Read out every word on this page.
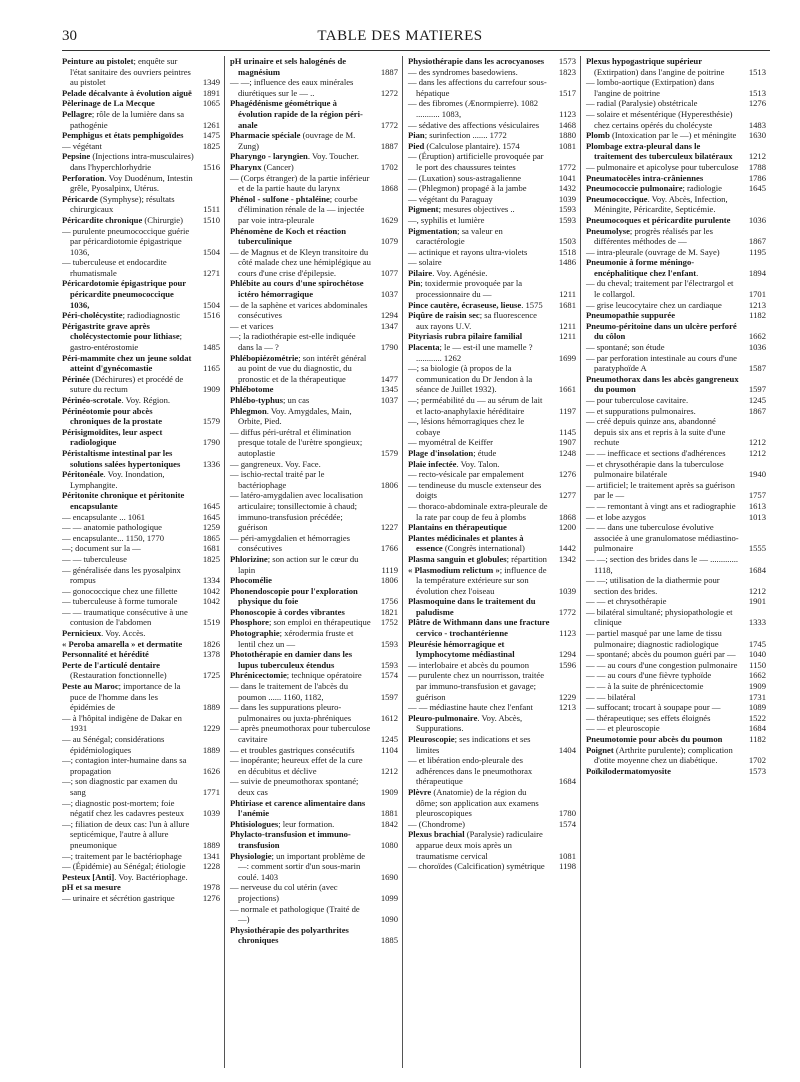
30	TABLE DES MATIERES
Peinture au pistolet; enquête sur l'état sanitaire des ouvriers peintres au pistolet	1349
Pelade décalvante à évolution aiguë	1891
Pèlerinage de La Mecque	1065
Pellagre; rôle de la lumière dans sa pathogénie	1261
Pemphigus et états pemphigoïdes	1475
— végétant	1825
Pepsine (Injections intra-musculaires) dans l'hyperchlorhydrie	1516
Perforation. Voy Duodénum, Intestin grêle, Pyosalpinx, Utérus.
Péricarde (Symphyse); résultats chirurgicaux	1511
Péricardite chronique (Chirurgie)	1510
— purulente pneumococcique guérie par péricardiotomie épigastrique 1036,	1504
— tuberculeuse et endocardite rhumatismale	1271
Péricardotomie épigastrique pour péricardite pneumococcique 1036,	1504
Péri-cholécystite; radiodiagnostic	1516
Périgastrite grave après cholécystectomie pour lithiase; gastro-entérostomie	1485
Péri-mammite chez un jeune soldat atteint d'gynécomastie	1165
Périnée (Déchirures) et procédé de suture du rectum	1909
Périnéo-scrotale. Voy. Région.
Périnéotomie pour abcès chroniques de la prostate	1579
Périsigmoïdites, leur aspect radiologique	1790
Péristaltisme intestinal par les solutions salées hypertoniques	1336
Péritonéale. Voy. Inondation, Lymphangite.
Péritonite chronique et péritonite encapsulante	1645
— encapsulante ... 1061	1645
— — anatomie pathologique	1259
— encapsulante... 1150, 1770	1865
—; document sur la —	1681
— — tuberculeuse	1825
— généralisée dans les pyosalpinx rompus	1334
— gonococcique chez une fillette	1042
— tuberculeuse à forme tumorale	1042
— — traumatique consécutive à une contusion de l'abdomen	1519
Pernicieux. Voy. Accès.
« Peroba amarella » et dermatite	1826
Personnalité et hérédité	1378
Perte de l'articulé dentaire (Restauration fonctionnelle)	1725
Peste au Maroc; importance de la puce de l'homme dans les épidémies de	1889
— à l'hôpital indigène de Dakar en 1931	1229
— au Sénégal; considérations épidémiologiques	1889
—; contagion inter-humaine dans sa propagation	1626
—; son diagnostic par examen du sang	1771
—; diagnostic post-mortem; foie négatif chez les cadavres pesteux	1039
—; filiation de deux cas: l'un à allure septicémique, l'autre à allure pneumonique	1889
—; traitement par le bactériophage	1341
— (Épidémie) au Sénégal; étiologie	1228
Pesteux [Anti]. Voy. Bactériophage.
pH et sa mesure	1978
— urinaire et sécrétion gastrique	1276
pH urinaire et sels halogénés de magnésium	1887
— —; influence des eaux minérales diurétiques sur le — ..	1272
Phagédénisme géométrique à évolution rapide de la région péri-anale	1772
Pharmacie spéciale (ouvrage de M. Zung)	1887
Pharyngo - laryngien. Voy. Toucher.
Pharynx (Cancer)	1702
— (Corps étranger) de la partie inférieur et de la partie haute du larynx	1868
Phénol - sulfone - phtaléine; courbe d'élimination rénale de la — injectée par voie intra-pleurale	1629
Phénomène de Koch et réaction tuberculinique	1079
— de Magnus et de Kleyn transitoire du côté malade chez une hémiplégique au cours d'une crise d'épilepsie.	1077
Phlébite au cours d'une spirochétose ictéro hémorragique	1037
— de la saphène et varices abdominales consécutives	1294
— et varices	1347
—; la radiothérapie est-elle indiquée dans la — ?	1790
Phlébopiézométrie; son intérêt général au point de vue du diagnostic, du pronostic et de la thérapeutique	1477
Phlébotome	1345
Phlébo-typhus; un cas	1037
Phlegmon. Voy. Amygdales, Main, Orbite, Pied.
— diffus péri-urétral et élimination presque totale de l'urètre spongieux; autoplastie	1579
— gangreneux. Voy. Face.
— ischio-rectal traité par le bactériophage	1806
— latéro-amygdalien avec localisation articulaire; tonsillectomie à chaud; immuno-transfusion précédée; guérison	1227
— péri-amygdalien et hémorragies consécutives	1766
Phlorizine; son action sur le cœur du lapin	1119
Phocomélie	1806
Phonendoscopie pour l'exploration physique du foie	1756
Phonoscopie à cordes vibrantes	1821
Phosphore; son emploi en thérapeutique	1752
Photographie; xérodermia fruste et lentil chez un —	1593
Photothérapie en damier dans les lupus tuberculeux étendus	1593
Phrénicectomie; technique opératoire	1574
— dans le traitement de l'abcès du poumon ...... 1160, 1182,	1597
— dans les suppurations pleuro-pulmonaires ou juxta-phréniques	1612
— après pneumothorax pour tuberculose cavitaire	1245
— et troubles gastriques consécutifs	1104
— inopérante; heureux effet de la cure en décubitus et déclive	1212
— suivie de pneumothorax spontané; deux cas	1909
Phtiriase et carence alimentaire dans l'anémie	1881
Phtisiologues; leur formation.	1842
Phylacto-transfusion et immuno-transfusion	1080
Physiologie; un important problème de —: comment sortir d'un sous-marin coulé. 1403	1690
— nerveuse du col utérin (avec projections)	1099
— normale et pathologique (Traité de —)	1090
Physiothérapie des polyarthrites chroniques	1885
Physiothérapie dans les acrocyanoses	1573
— des syndromes basedowiens.	1823
— dans les affections du carrefour sous-hépatique	1517
— des fibromes (Ænormpierre). 1082 ........... 1083,	1123
— sédative des affections vésiculaires	1468
Pian; surinfection ....... 1772	1880
Pied (Calculose plantaire). 1574	1081
— (Éruption) artificielle provoquée par le port des chaussures teintes	1772
— (Luxation) sous-astragalienne	1041
— (Phlegmon) propagé à la jambe	1432
— végétant du Paraguay	1039
Pigment; mesures objectives ..	1593
—, syphilis et lumière	1593
Pigmentation; sa valeur en caractérologie	1503
— actinique et rayons ultra-violets	1518
— solaire	1486
Pilaire. Voy. Agénésie.
Pin; toxidermie provoquée par la processionnaire du —	1211
Pince cautère, écraseuse, lieuse. 1575	1681
Piqûre de raisin sec; sa fluorescence aux rayons U.V.	1211
Pityriasis rubra pilaire familial	1211
Placenta; le — est-il une mamelle ? ............ 1262	1699
—; sa biologie (à propos de la communication du Dr Jendon à la séance de Juillet 1932).	1661
—; perméabilité du — au sérum de lait et lacto-anaphylaxie héréditaire	1197
—, lésions hémorragiques chez le cobaye	1145
— myométral de Keiffer	1907
Plage d'insolation; étude	1248
Plaie infectée. Voy. Talon.
— recto-vésicale par empalement	1276
— tendineuse du muscle extenseur des doigts	1277
— thoraco-abdominale extra-pleurale de la rate par coup de feu à plombs	1868
Plantains en thérapeutique	1200
Plantes médicinales et plantes à essence (Congrès international)	1442
Plasma sanguin et globules; répartition	1342
« Plasmodium relictum »; influence de la température extérieure sur son évolution chez l'oiseau	1039
Plasmoquine dans le traitement du paludisme	1772
Plâtre de Withmann dans une fracture cervico - trochantérienne	1123
Pleurésie hémorragique et lymphocytome médiastinal	1294
— interlobaire et abcès du poumon	1596
— purulente chez un nourrisson, traitée par immuno-transfusion et gavage; guérison	1229
— — médiastine haute chez l'enfant	1213
Pleuro-pulmonaire. Voy. Abcès, Suppurations.
Pleuroscopie; ses indications et ses limites	1404
— et libération endo-pleurale des adhérences dans le pneumothorax thérapeutique	1684
Plèvre (Anatomie) de la région du dôme; son application aux examens pleuroscopiques	1780
— (Chondrome)	1574
Plexus brachial (Paralysie) radiculaire apparue deux mois après un traumatisme cervical	1081
— choroïdes (Calcification) symétrique	1198
Plexus hypogastrique supérieur (Extirpation) dans l'angine de poitrine	1513
— lombo-aortique (Extirpation) dans l'angine de poitrine	1513
— radial (Paralysie) obstétricale	1276
— solaire et mésentérique (Hyperesthésie) chez certains opérés du cholécyste	1483
Plomb (Intoxication par le —) et méningite	1630
Plombage extra-pleural dans le traitement des tuberculeux bilatéraux	1212
— pulmonaire et apicolyse pour tuberculose	1788
Pneumatocèles intra-crâniennes	1786
Pneumococcie pulmonaire; radiologie	1645
Pneumococcique. Voy. Abcès, Infection, Méningite, Péricardite, Septicémie.
Pneumocoques et péricardite purulente	1036
Pneumolyse; progrès réalisés par les différentes méthodes de —	1867
— intra-pleurale (ouvrage de M. Saye)	1195
Pneumonie à forme méningo-encéphalitique chez l'enfant.	1894
— du cheval; traitement par l'électrargol et le collargol.	1701
— grise leucocytaire chez un cardiaque	1213
Pneumopathie suppurée	1182
Pneumo-péritoine dans un ulcère perforé du côlon	1662
— spontané; son étude	1036
— par perforation intestinale au cours d'une paratyphoïde A	1587
Pneumothorax dans les abcès gangreneux du poumon	1597
— pour tuberculose cavitaire.	1245
— et suppurations pulmonaires.	1867
— créé depuis quinze ans, abandonné depuis six ans et repris à la suite d'une rechute	1212
— — inefficace et sections d'adhérences	1212
— et chrysothérapie dans la tuberculose pulmonaire bilatérale	1940
— artificiel; le traitement après sa guérison par le —	1757
— — remontant à vingt ans et radiographie	1613
— et lobe azygos	1013
— — dans une tuberculose évolutive associée à une granulomatose médiastino-pulmonaire	1555
— —; section des brides dans le — ............. 1118,	1684
— —; utilisation de la diathermie pour section des brides.	1212
— — et chrysothérapie	1901
— bilatéral simultané; physiopathologie et clinique	1333
— partiel masqué par une lame de tissu pulmonaire; diagnostic radiologique	1745
— spontané; abcès du poumon guéri par —	1040
— — au cours d'une congestion pulmonaire	1150
— — au cours d'une fièvre typhoïde	1662
— — à la suite de phrénicectomie	1909
— — bilatéral	1731
— suffocant; trocart à soupape pour —	1089
— thérapeutique; ses effets éloignés	1522
— — et pleuroscopie	1684
Pneumotomie pour abcès du poumon	1182
Poignet (Arthrite purulente); complication d'otite moyenne chez un diabétique.	1702
Poïkilodermatomyosite	1573
